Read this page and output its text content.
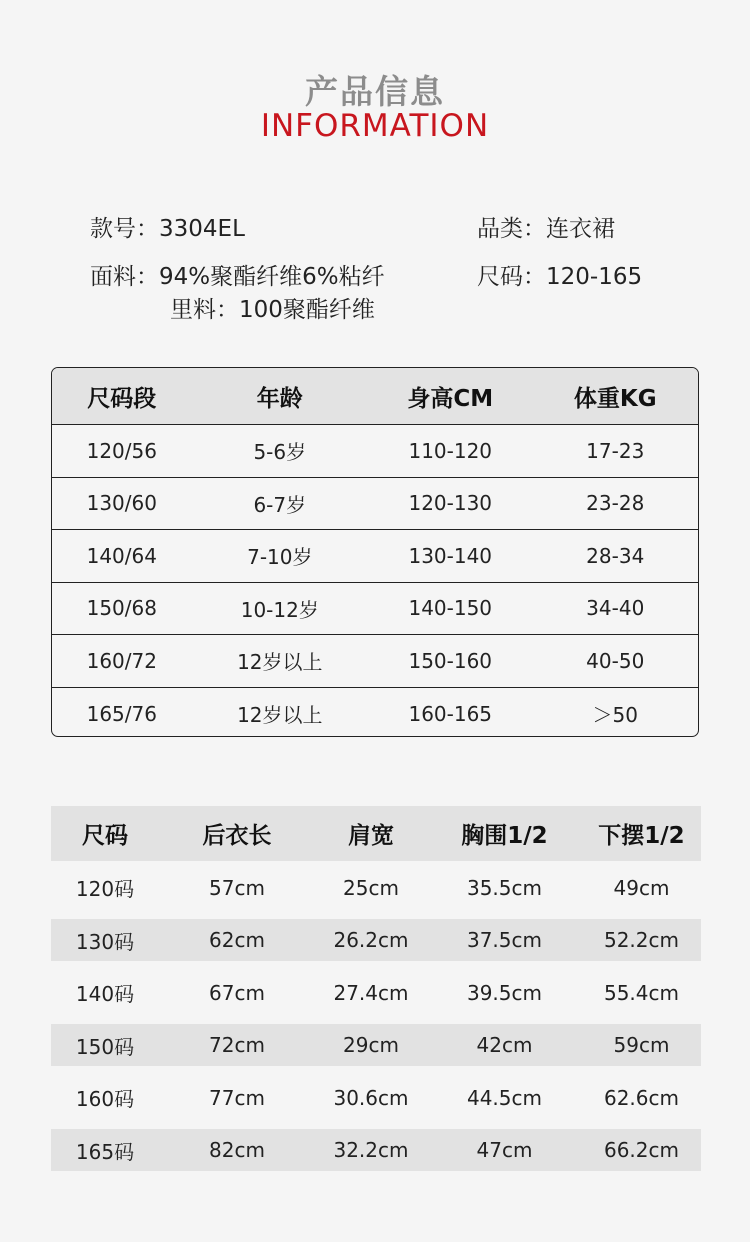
产品信息
INFORMATION
款号：3304EL	品类：连衣裙
面料：94%聚酯纤维6%粘纤	尺码：120-165
里料：100聚酯纤维
尺码段	年龄	身高CM	体重KG
120/56	5-6岁	110-120	17-23
130/60	6-7岁	120-130	23-28
140/64	7-10岁	130-140	28-34
150/68	10-12岁	140-150	34-40
160/72	12岁以上	150-160	40-50
165/76	12岁以上	160-165	＞50
尺码	后衣长	肩宽	胸围1/2	下摆1/2
120码	57cm	25cm	35.5cm	49cm
130码	62cm	26.2cm	37.5cm	52.2cm
140码	67cm	27.4cm	39.5cm	55.4cm
150码	72cm	29cm	42cm	59cm
160码	77cm	30.6cm	44.5cm	62.6cm
165码	82cm	32.2cm	47cm	66.2cm
